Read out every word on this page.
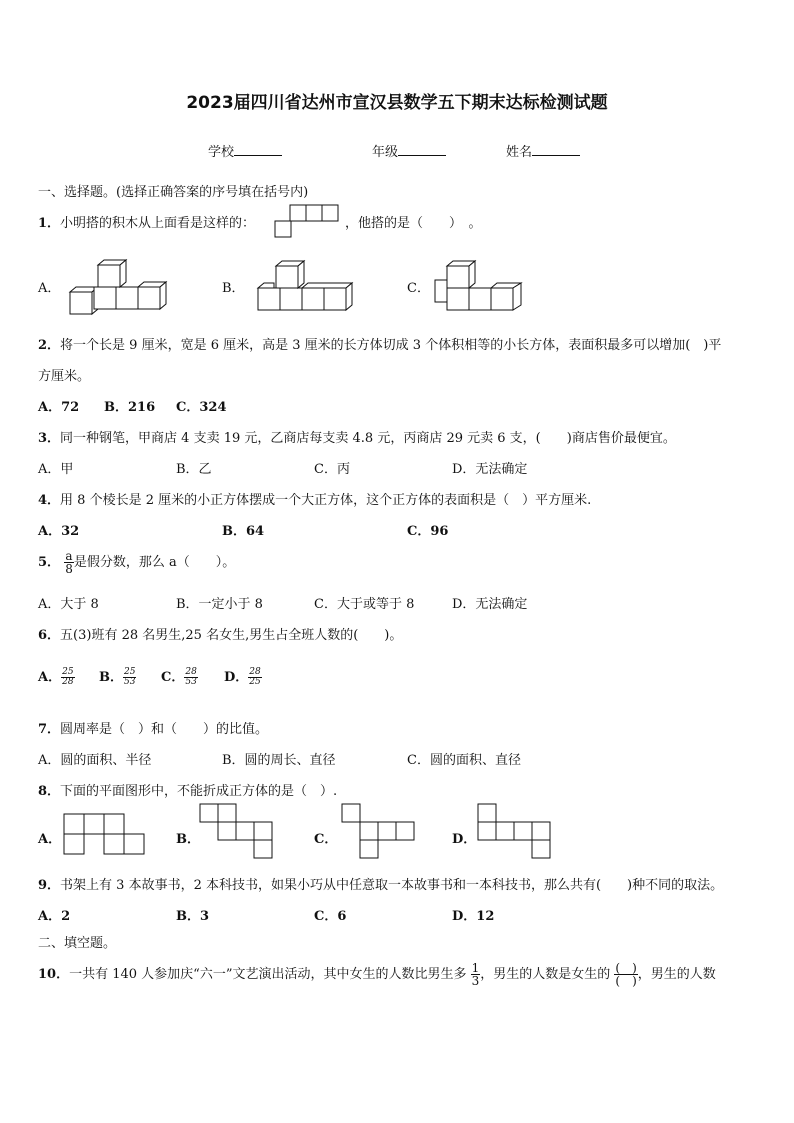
2023届四川省达州市宣汉县数学五下期末达标检测试题
学校	年级	姓名
一、选择题。(选择正确答案的序号填在括号内)
1．小明搭的积木从上面看是这样的：	，他搭的是（　　）　。
A．	B．	C．
2．将一个长是 9 厘米，宽是 6 厘米，高是 3 厘米的长方体切成 3 个体积相等的小长方体，表面积最多可以增加(　)平
方厘米。
A．72 B．216 C．324
3．同一种钢笔，甲商店 4 支卖 19 元，乙商店每支卖 4.8 元，丙商店 29 元卖 6 支，(　　)商店售价最便宜。
A．甲	B．乙	C．丙	D．无法确定
4．用 8 个棱长是 2 厘米的小正方体摆成一个大正方体，这个正方体的表面积是（　）平方厘米.
A．32	B．64	C．96
5． $\frac{a}{8}$ 是假分数，那么 a（　　）。
A．大于 8	B．一定小于 8	C．大于或等于 8	D．无法确定
6．五(3)班有 28 名男生,25 名女生,男生占全班人数的(　　)。
A． $\frac{25}{28}$ B． $\frac{25}{53}$ C． $\frac{28}{53}$ D． $\frac{28}{25}$
7．圆周率是（　）和（　　）的比值。
A．圆的面积、半径	B．圆的周长、直径	C．圆的面积、直径
8．下面的平面图形中，不能折成正方体的是（　）.
A．	B．	C．	D．
9．书架上有 3 本故事书，2 本科技书，如果小巧从中任意取一本故事书和一本科技书，那么共有(　　)种不同的取法。
A．2	B．3	C．6	D．12
二、填空题。
10．一共有 140 人参加庆“六一”文艺演出活动，其中女生的人数比男生多 $\frac{1}{3}$ ，男生的人数是女生的 $\frac{( )}{( )}$ ，男生的人数
